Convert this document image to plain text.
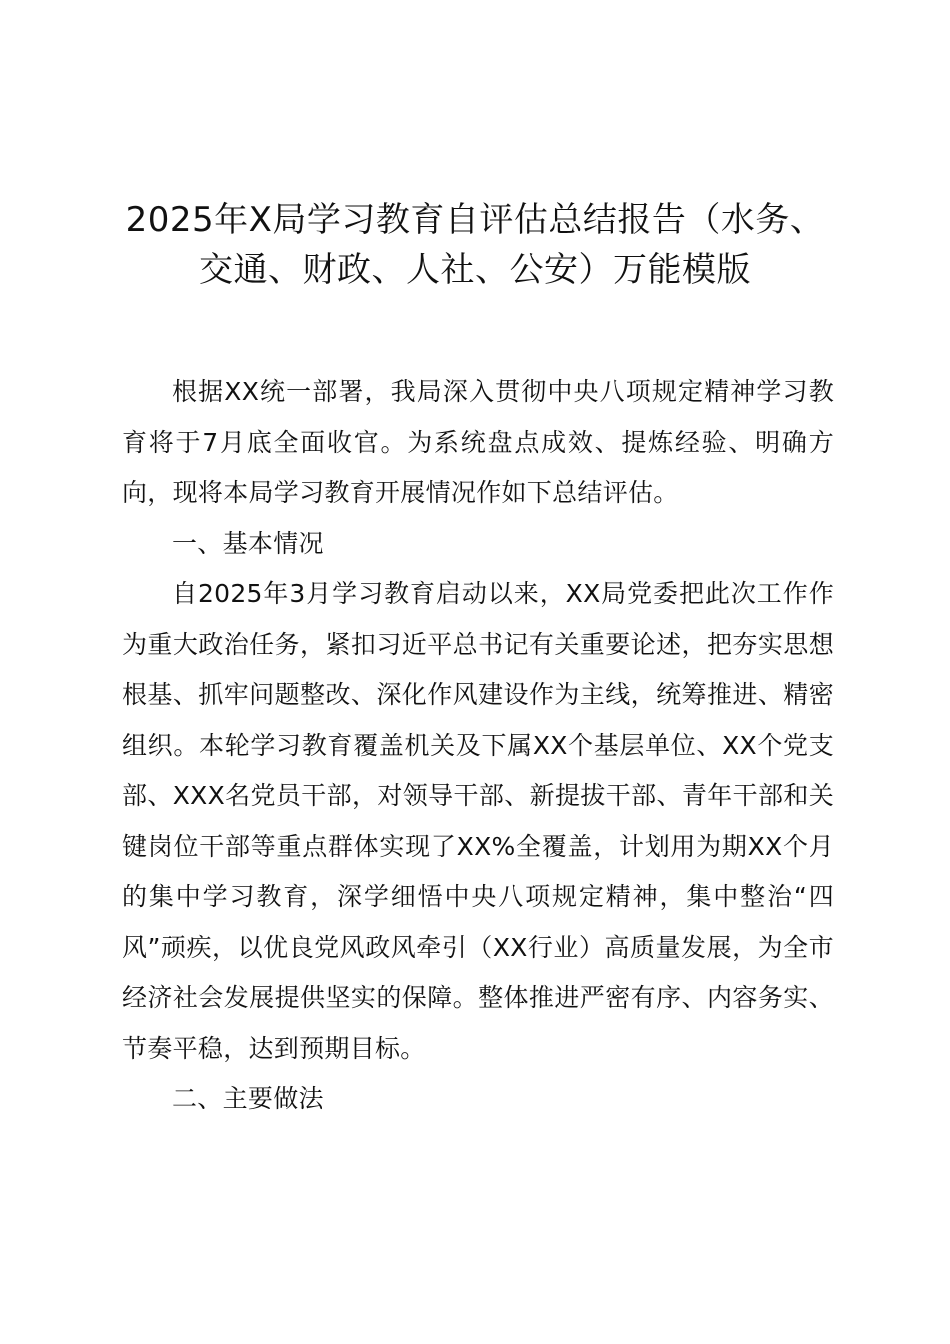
2025年X局学习教育自评估总结报告（水务、
交通、财政、人社、公安）万能模版

根据XX统一部署，我局深入贯彻中央八项规定精神学习教育将于7月底全面收官。为系统盘点成效、提炼经验、明确方向，现将本局学习教育开展情况作如下总结评估。

一、基本情况

自2025年3月学习教育启动以来，XX局党委把此次工作作为重大政治任务，紧扣习近平总书记有关重要论述，把夯实思想根基、抓牢问题整改、深化作风建设作为主线，统筹推进、精密组织。本轮学习教育覆盖机关及下属XX个基层单位、XX个党支部、XXX名党员干部，对领导干部、新提拔干部、青年干部和关键岗位干部等重点群体实现了XX%全覆盖，计划用为期XX个月的集中学习教育，深学细悟中央八项规定精神，集中整治“四风”顽疾，以优良党风政风牵引（XX行业）高质量发展，为全市经济社会发展提供坚实的保障。整体推进严密有序、内容务实、节奏平稳，达到预期目标。

二、主要做法
